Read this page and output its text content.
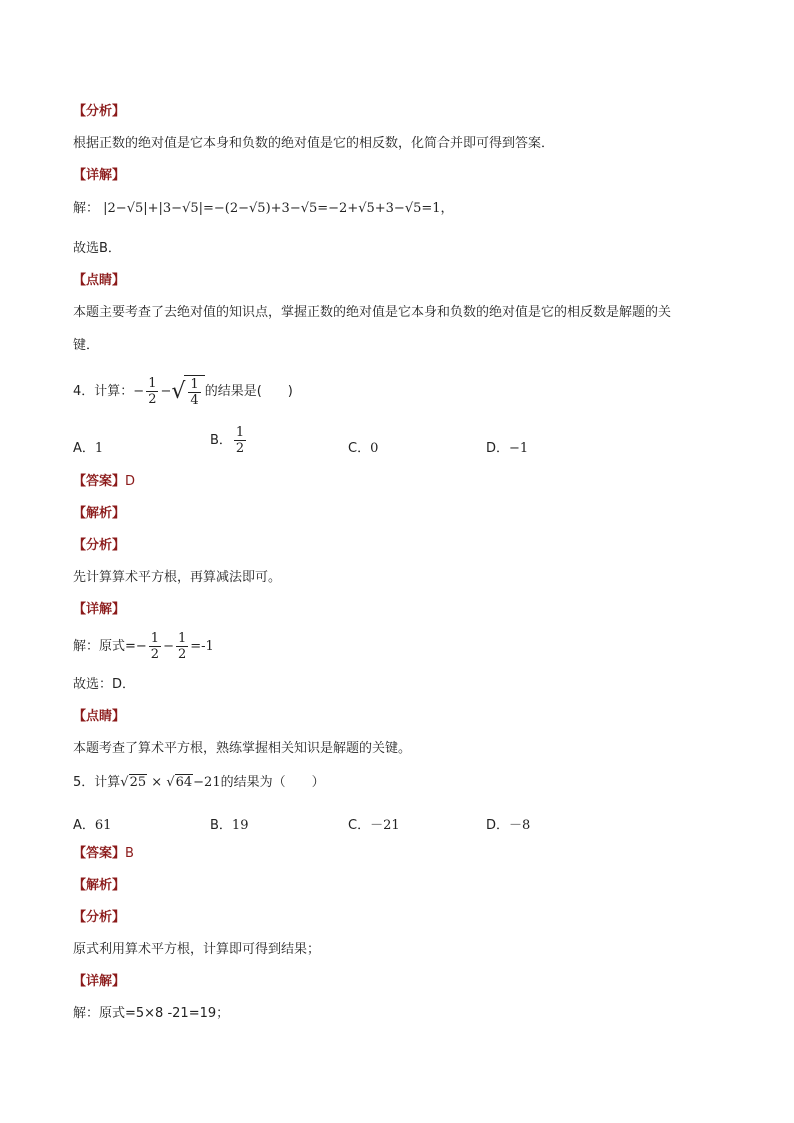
【分析】
根据正数的绝对值是它本身和负数的绝对值是它的相反数，化简合并即可得到答案．
【详解】
解： |2−√5|+|3−√5|=−(2−√5)+3−√5=−2+√5+3−√5=1，
故选B．
【点睛】
本题主要考查了去绝对值的知识点，掌握正数的绝对值是它本身和负数的绝对值是它的相反数是解题的关
键．
4．计算：− $\frac{1}{2}$ − √ $\frac{1}{4}$ 的结果是(　　)
A．1
B． $\frac{1}{2}$	C．0	D．−1
【答案】D
【解析】
【分析】
先计算算术平方根，再算减法即可。
【详解】
解：原式=− $\frac{1}{2} - \frac{1}{2} =-1$
故选：D．
【点睛】
本题考查了算术平方根，熟练掌握相关知识是解题的关键。
5．计算√25 × √64−21的结果为（　　）
A．61	B．19	C．－21	D．－8
【答案】B
【解析】
【分析】
原式利用算术平方根，计算即可得到结果；
【详解】
解：原式=5×8 -21=19；
